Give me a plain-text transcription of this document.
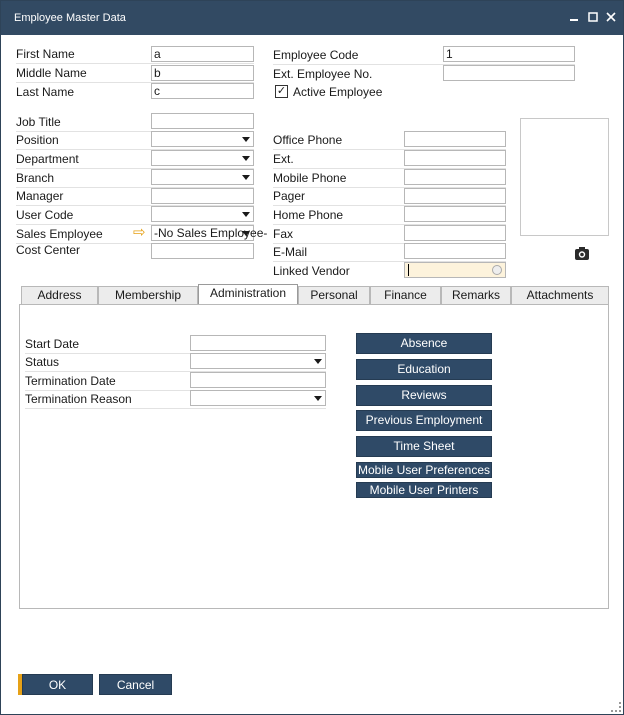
Employee Master Data
First Name	a
Middle Name	b
Last Name	c
Employee Code	1
Ext. Employee No.
✓ Active Employee
Job Title
Position
Department
Branch
Manager
User Code
Sales Employee ⇨ -No Sales Employee-
Cost Center
Office Phone
Ext.
Mobile Phone
Pager
Home Phone
Fax
E-Mail
Linked Vendor
Address	Membership	Administration	Personal	Finance	Remarks	Attachments
Start Date
Status
Termination Date
Termination Reason
Absence
Education
Reviews
Previous Employment
Time Sheet
Mobile User Preferences
Mobile User Printers
OK	Cancel
